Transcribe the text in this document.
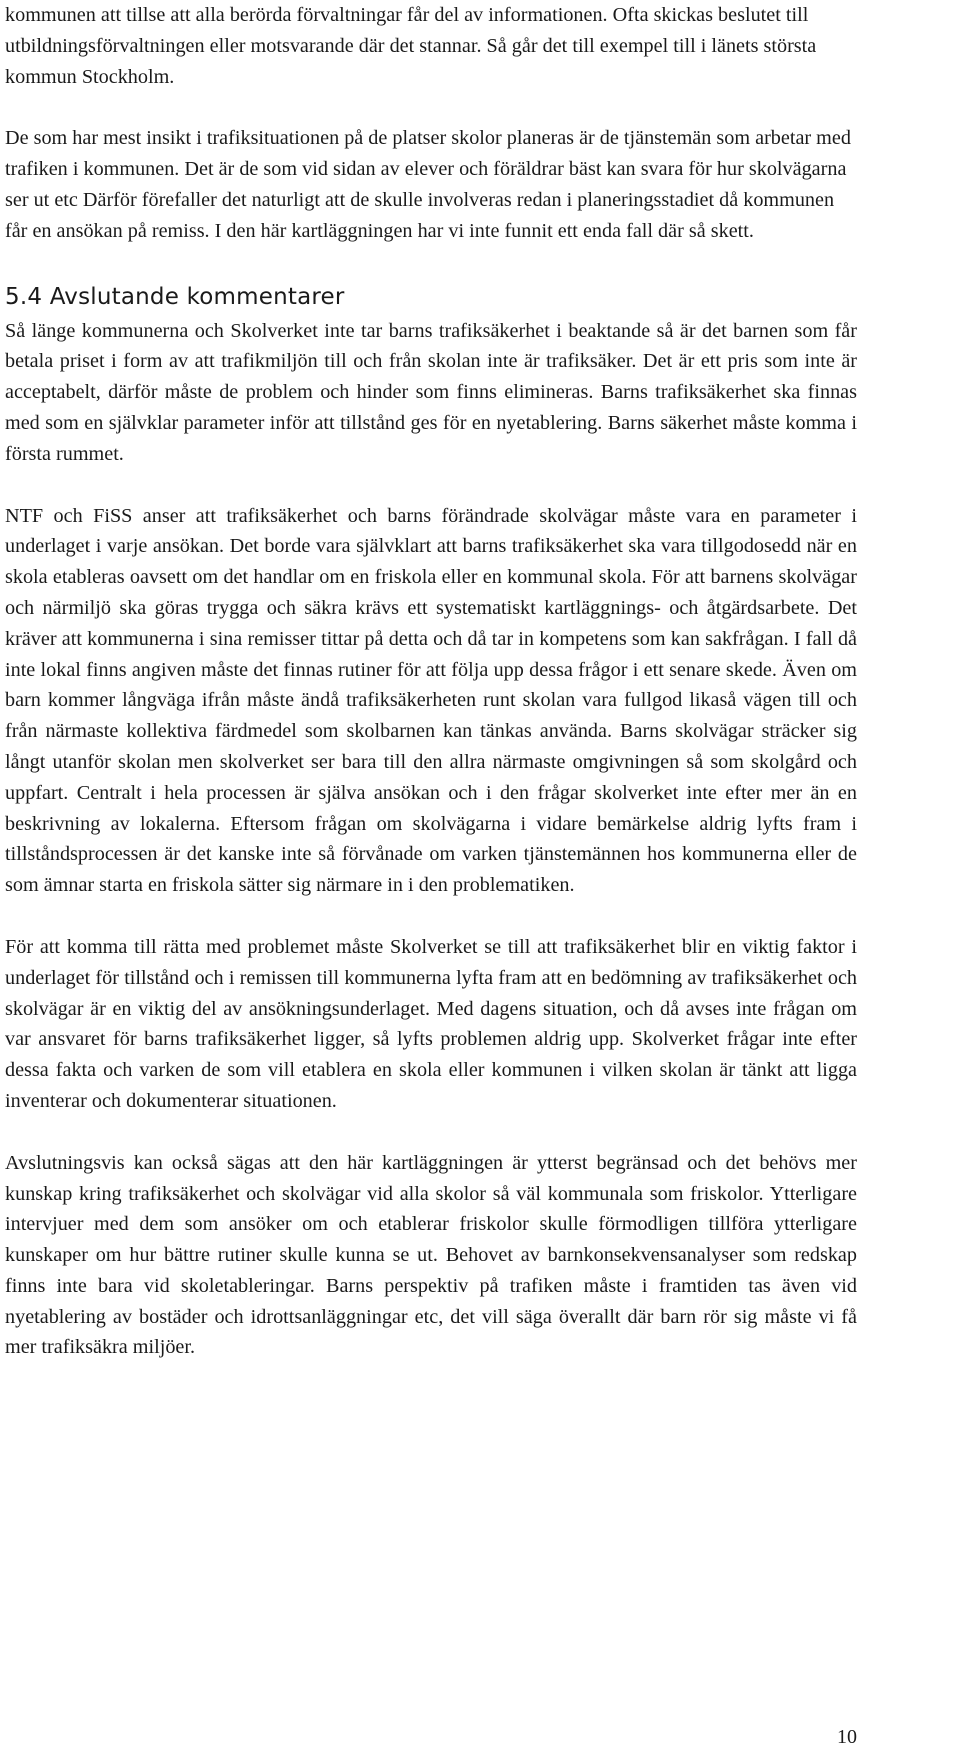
kommunen att tillse att alla berörda förvaltningar får del av informationen. Ofta skickas beslutet till utbildningsförvaltningen eller motsvarande där det stannar. Så går det till exempel till i länets största kommun Stockholm.

De som har mest insikt i trafiksituationen på de platser skolor planeras är de tjänstemän som arbetar med trafiken i kommunen. Det är de som vid sidan av elever och föräldrar bäst kan svara för hur skolvägarna ser ut etc Därför förefaller det naturligt att de skulle involveras redan i planeringsstadiet då kommunen får en ansökan på remiss. I den här kartläggningen har vi inte funnit ett enda fall där så skett.

5.4 Avslutande kommentarer

Så länge kommunerna och Skolverket inte tar barns trafiksäkerhet i beaktande så är det barnen som får betala priset i form av att trafikmiljön till och från skolan inte är trafiksäker. Det är ett pris som inte är acceptabelt, därför måste de problem och hinder som finns elimineras. Barns trafiksäkerhet ska finnas med som en självklar parameter inför att tillstånd ges för en nyetablering. Barns säkerhet måste komma i första rummet.

NTF och FiSS anser att trafiksäkerhet och barns förändrade skolvägar måste vara en parameter i underlaget i varje ansökan. Det borde vara självklart att barns trafiksäkerhet ska vara tillgodosedd när en skola etableras oavsett om det handlar om en friskola eller en kommunal skola. För att barnens skolvägar och närmiljö ska göras trygga och säkra krävs ett systematiskt kartläggnings- och åtgärdsarbete. Det kräver att kommunerna i sina remisser tittar på detta och då tar in kompetens som kan sakfrågan. I fall då inte lokal finns angiven måste det finnas rutiner för att följa upp dessa frågor i ett senare skede. Även om barn kommer långväga ifrån måste ändå trafiksäkerheten runt skolan vara fullgod likaså vägen till och från närmaste kollektiva färdmedel som skolbarnen kan tänkas använda. Barns skolvägar sträcker sig långt utanför skolan men skolverket ser bara till den allra närmaste omgivningen så som skolgård och uppfart. Centralt i hela processen är själva ansökan och i den frågar skolverket inte efter mer än en beskrivning av lokalerna. Eftersom frågan om skolvägarna i vidare bemärkelse aldrig lyfts fram i tillståndsprocessen är det kanske inte så förvånade om varken tjänstemännen hos kommunerna eller de som ämnar starta en friskola sätter sig närmare in i den problematiken.

För att komma till rätta med problemet måste Skolverket se till att trafiksäkerhet blir en viktig faktor i underlaget för tillstånd och i remissen till kommunerna lyfta fram att en bedömning av trafiksäkerhet och skolvägar är en viktig del av ansökningsunderlaget. Med dagens situation, och då avses inte frågan om var ansvaret för barns trafiksäkerhet ligger, så lyfts problemen aldrig upp. Skolverket frågar inte efter dessa fakta och varken de som vill etablera en skola eller kommunen i vilken skolan är tänkt att ligga inventerar och dokumenterar situationen.

Avslutningsvis kan också sägas att den här kartläggningen är ytterst begränsad och det behövs mer kunskap kring trafiksäkerhet och skolvägar vid alla skolor så väl kommunala som friskolor. Ytterligare intervjuer med dem som ansöker om och etablerar friskolor skulle förmodligen tillföra ytterligare kunskaper om hur bättre rutiner skulle kunna se ut. Behovet av barnkonsekvensanalyser som redskap finns inte bara vid skoletableringar. Barns perspektiv på trafiken måste i framtiden tas även vid nyetablering av bostäder och idrottsanläggningar etc, det vill säga överallt där barn rör sig måste vi få mer trafiksäkra miljöer.

10
